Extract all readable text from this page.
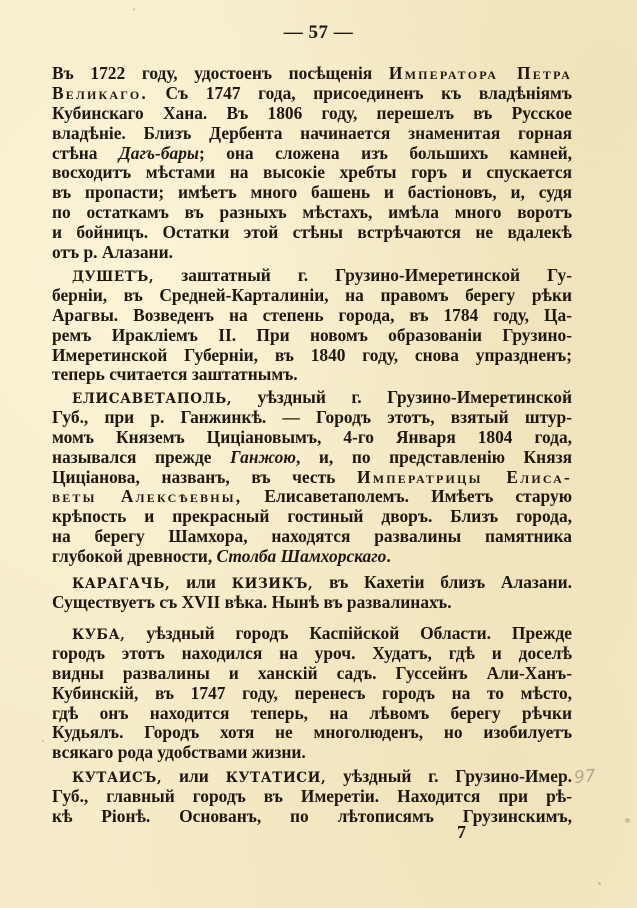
— 57 —
Въ 1722 году, удостоенъ посѣщенія Императора Петра
Великаго. Съ 1747 года, присоединенъ къ владѣніямъ
Кубинскаго Хана. Въ 1806 году, перешелъ въ Русское
владѣніе. Близъ Дербента начинается знаменитая горная
стѣна Дагъ-бары; она сложена изъ большихъ камней,
восходитъ мѣстами на высокіе хребты горъ и спускается
въ пропасти; имѣетъ много башень и бастіоновъ, и, судя
по остаткамъ въ разныхъ мѣстахъ, имѣла много воротъ
и бойницъ. Остатки этой стѣны встрѣчаются не вдалекѣ
отъ р. Алазани.
ДУШЕТЪ, заштатный г. Грузино-Имеретинской Гу-
берніи, въ Средней-Карталиніи, на правомъ берегу рѣки
Арагвы. Возведенъ на степень города, въ 1784 году, Ца-
ремъ Ираклiемъ II. При новомъ образованіи Грузино-
Имеретинской Губерніи, въ 1840 году, снова упраздненъ;
теперь считается заштатнымъ.
ЕЛИСАВЕТАПОЛЬ, уѣздный г. Грузино-Имеретинской
Губ., при р. Ганжинкѣ. — Городъ этотъ, взятый штур-
момъ Княземъ Цицiановымъ, 4-го Января 1804 года,
назывался прежде Ганжою, и, по представленію Князя
Цицiанова, названъ, въ честь Императрицы Елиса-
веты Алексѣевны, Елисаветаполемъ. Имѣетъ старую
крѣпость и прекрасный гостиный дворъ. Близъ города,
на берегу Шамхора, находятся развалины памятника
глубокой древности, Столба Шамхорскаго.
КАРАГАЧЬ, или КИЗИКЪ, въ Кахетіи близъ Алазани.
Существуетъ съ XVII вѣка. Нынѣ въ развалинахъ.
КУБА, уѣздный городъ Каспійской Области. Прежде
городъ этотъ находился на уроч. Худатъ, гдѣ и доселѣ
видны развалины и ханскій садъ. Гуссейнъ Али-Ханъ-
Кубинскій, въ 1747 году, перенесъ городъ на то мѣсто,
гдѣ онъ находится теперь, на лѣвомъ берегу рѣчки
Кудьялъ. Городъ хотя не многолюденъ, но изобилуетъ
всякаго рода удобствами жизни.
КУТАИСЪ, или КУТАТИСИ, уѣздный г. Грузино-Имер.
Губ., главный городъ въ Имеретіи. Находится при рѣ-
кѣ Ріонѣ. Основанъ, по лѣтописямъ Грузинскимъ,
7
97
